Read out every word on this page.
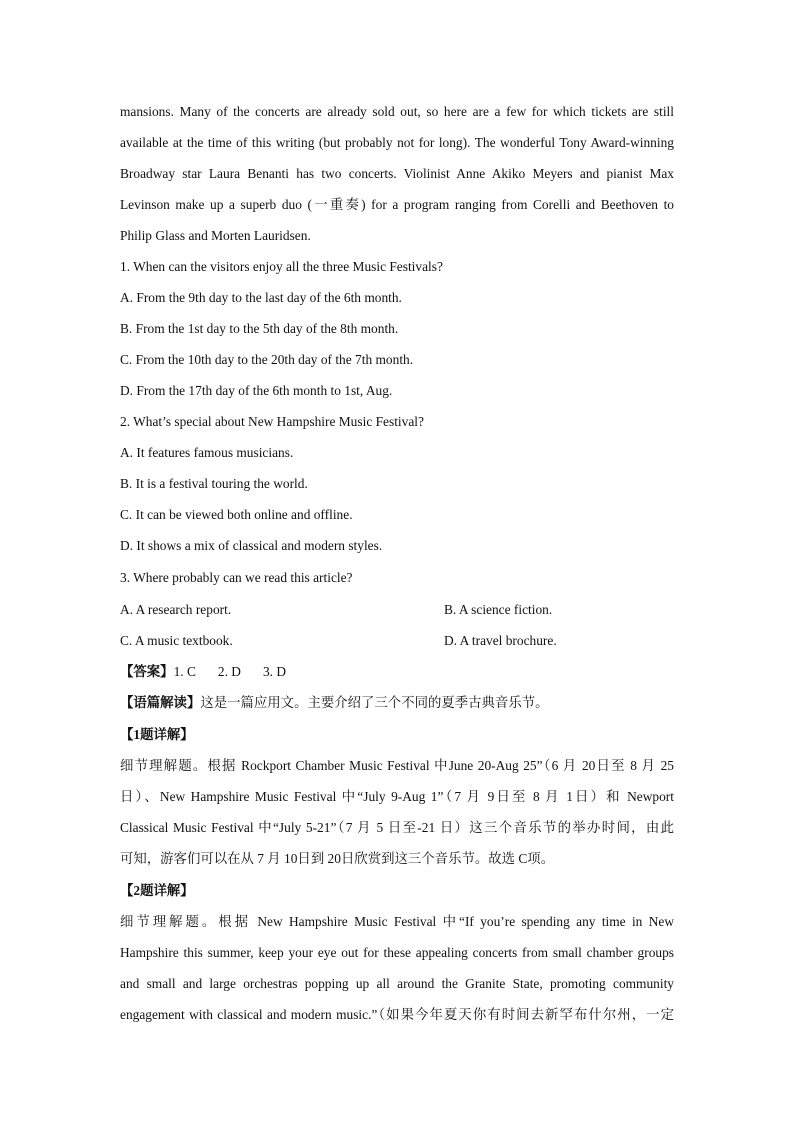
mansions. Many of the concerts are already sold out, so here are a few for which tickets are still
available at the time of this writing (but probably not for long). The wonderful Tony Award-winning
Broadway star Laura Benanti has two concerts. Violinist Anne Akiko Meyers and pianist Max
Levinson make up a superb duo (一重奏) for a program ranging from Corelli and Beethoven to
Philip Glass and Morten Lauridsen.
1. When can the visitors enjoy all the three Music Festivals?
A. From the 9th day to the last day of the 6th month.
B. From the 1st day to the 5th day of the 8th month.
C. From the 10th day to the 20th day of the 7th month.
D. From the 17th day of the 6th month to 1st, Aug.
2. What’s special about New Hampshire Music Festival?
A. It features famous musicians.
B. It is a festival touring the world.
C. It can be viewed both online and offline.
D. It shows a mix of classical and modern styles.
3. Where probably can we read this article?
A. A research report.	B. A science fiction.
C. A music textbook.	D. A travel brochure.
【答案】1. C 2. D 3. D
【语篇解读】这是一篇应用文。主要介绍了三个不同的夏季古典音乐节。
【1题详解】
细节理解题。根据 Rockport Chamber Music Festival 中June 20-Aug 25”（6 月 20日至 8 月 25
日）、New Hampshire Music Festival 中“July 9-Aug 1”（7 月 9日至 8 月 1日）和 Newport
Classical Music Festival 中“July 5-21”（7 月 5 日至-21 日）这三个音乐节的举办时间，由此
可知，游客们可以在从 7 月 10日到 20日欣赏到这三个音乐节。故选 C项。
【2题详解】
细节理解题。根据 New Hampshire Music Festival 中“If you’re spending any time in New
Hampshire this summer, keep your eye out for these appealing concerts from small chamber groups
and small and large orchestras popping up all around the Granite State, promoting community
engagement with classical and modern music.”（如果今年夏天你有时间去新罕布什尔州，一定
